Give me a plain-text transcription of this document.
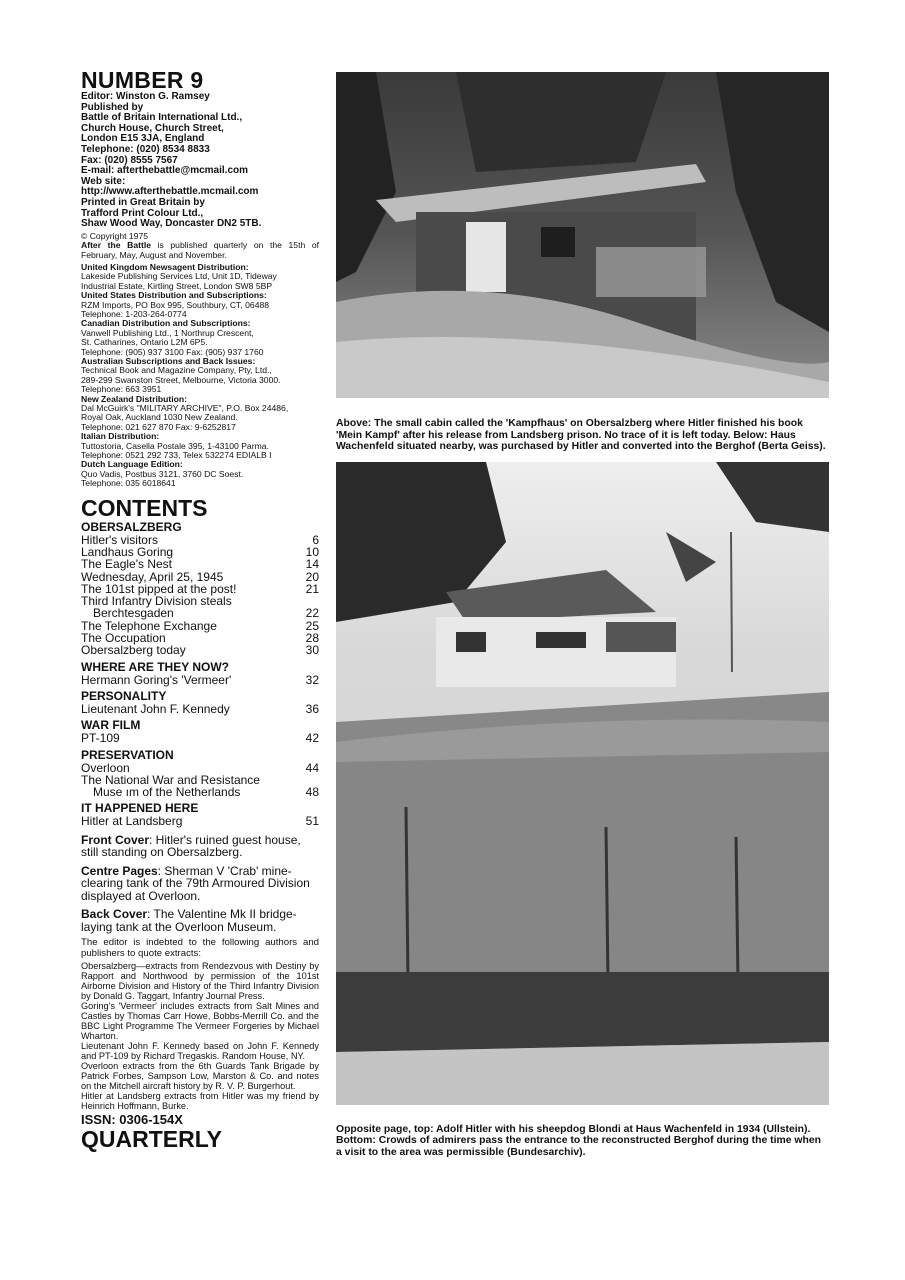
NUMBER 9
Editor: Winston G. Ramsey
Published by
Battle of Britain International Ltd.,
Church House, Church Street,
London E15 3JA, England
Telephone: (020) 8534 8833
Fax: (020) 8555 7567
E-mail: afterthebattle@mcmail.com
Web site:
http://www.afterthebattle.mcmail.com
Printed in Great Britain by
Trafford Print Colour Ltd.,
Shaw Wood Way, Doncaster DN2 5TB.
© Copyright 1975
After the Battle is published quarterly on the 15th of February, May, August and November.
United Kingdom Newsagent Distribution:
Lakeside Publishing Services Ltd, Unit 1D, Tideway
Industrial Estate, Kirtling Street, London SW8 5BP
United States Distribution and Subscriptions:
RZM Imports, PO Box 995, Southbury, CT, 06488
Telephone: 1-203-264-0774
Canadian Distribution and Subscriptions:
Vanwell Publishing Ltd., 1 Northrup Crescent,
St. Catharines, Ontario L2M 6P5.
Telephone: (905) 937 3100 Fax: (905) 937 1760
Australian Subscriptions and Back Issues:
Technical Book and Magazine Company, Pty, Ltd.,
289-299 Swanston Street, Melbourne, Victoria 3000.
Telephone: 663 3951
New Zealand Distribution:
Dal McGuirk's "MILITARY ARCHIVE", P.O. Box 24486,
Royal Oak, Auckland 1030 New Zealand.
Telephone: 021 627 870 Fax: 9-6252817
Italian Distribution:
Tuttostoria, Casella Postale 395, 1-43100 Parma.
Telephone: 0521 292 733, Telex 532274 EDIALB I
Dutch Language Edition:
Quo Vadis, Postbus 3121, 3760 DC Soest.
Telephone: 035 6018641
CONTENTS
OBERSALZBERG
Hitler's visitors	6
Landhaus Goring	10
The Eagle's Nest	14
Wednesday, April 25, 1945	20
The 101st pipped at the post!	21
Third Infantry Division steals
Berchtesgaden	22
The Telephone Exchange	25
The Occupation	28
Obersalzberg today	30
WHERE ARE THEY NOW?
Hermann Goring's 'Vermeer'	32
PERSONALITY
Lieutenant John F. Kennedy	36
WAR FILM
PT-109	42
PRESERVATION
Overloon	44
The National War and Resistance
Muse ım of the Netherlands	48
IT HAPPENED HERE
Hitler at Landsberg	51
Front Cover: Hitler's ruined guest house, still standing on Obersalzberg.
Centre Pages: Sherman V 'Crab' mine-clearing tank of the 79th Armoured Division displayed at Overloon.
Back Cover: The Valentine Mk II bridge-laying tank at the Overloon Museum.

The editor is indebted to the following authors and publishers to quote extracts:

Obersalzberg—extracts from Rendezvous with Destiny by Rapport and Northwood by permission of the 101st Airborne Division and History of the Third Infantry Division by Donald G. Taggart, Infantry Journal Press.

Goring's 'Vermeer' includes extracts from Salt Mines and Castles by Thomas Carr Howe, Bobbs-Merrill Co. and the BBC Light Programme The Vermeer Forgeries by Michael Wharton.

Lieutenant John F. Kennedy based on John F. Kennedy and PT-109 by Richard Tregaskis. Random House, NY.

Overloon extracts from the 6th Guards Tank Brigade by Patrick Forbes, Sampson Low, Marston & Co. and notes on the Mitchell aircraft history by R. V. P. Burgerhout.

Hitler at Landsberg extracts from Hitler was my friend by Heinrich Hoffmann, Burke.

ISSN: 0306-154X
QUARTERLY
Above: The small cabin called the 'Kampfhaus' on Obersalzberg where Hitler finished his book 'Mein Kampf' after his release from Landsberg prison. No trace of it is left today. Below: Haus Wachenfeld situated nearby, was purchased by Hitler and converted into the Berghof (Berta Geiss).
Opposite page, top: Adolf Hitler with his sheepdog Blondi at Haus Wachenfeld in 1934 (Ullstein). Bottom: Crowds of admirers pass the entrance to the reconstructed Berghof during the time when a visit to the area was permissible (Bundesarchiv).
